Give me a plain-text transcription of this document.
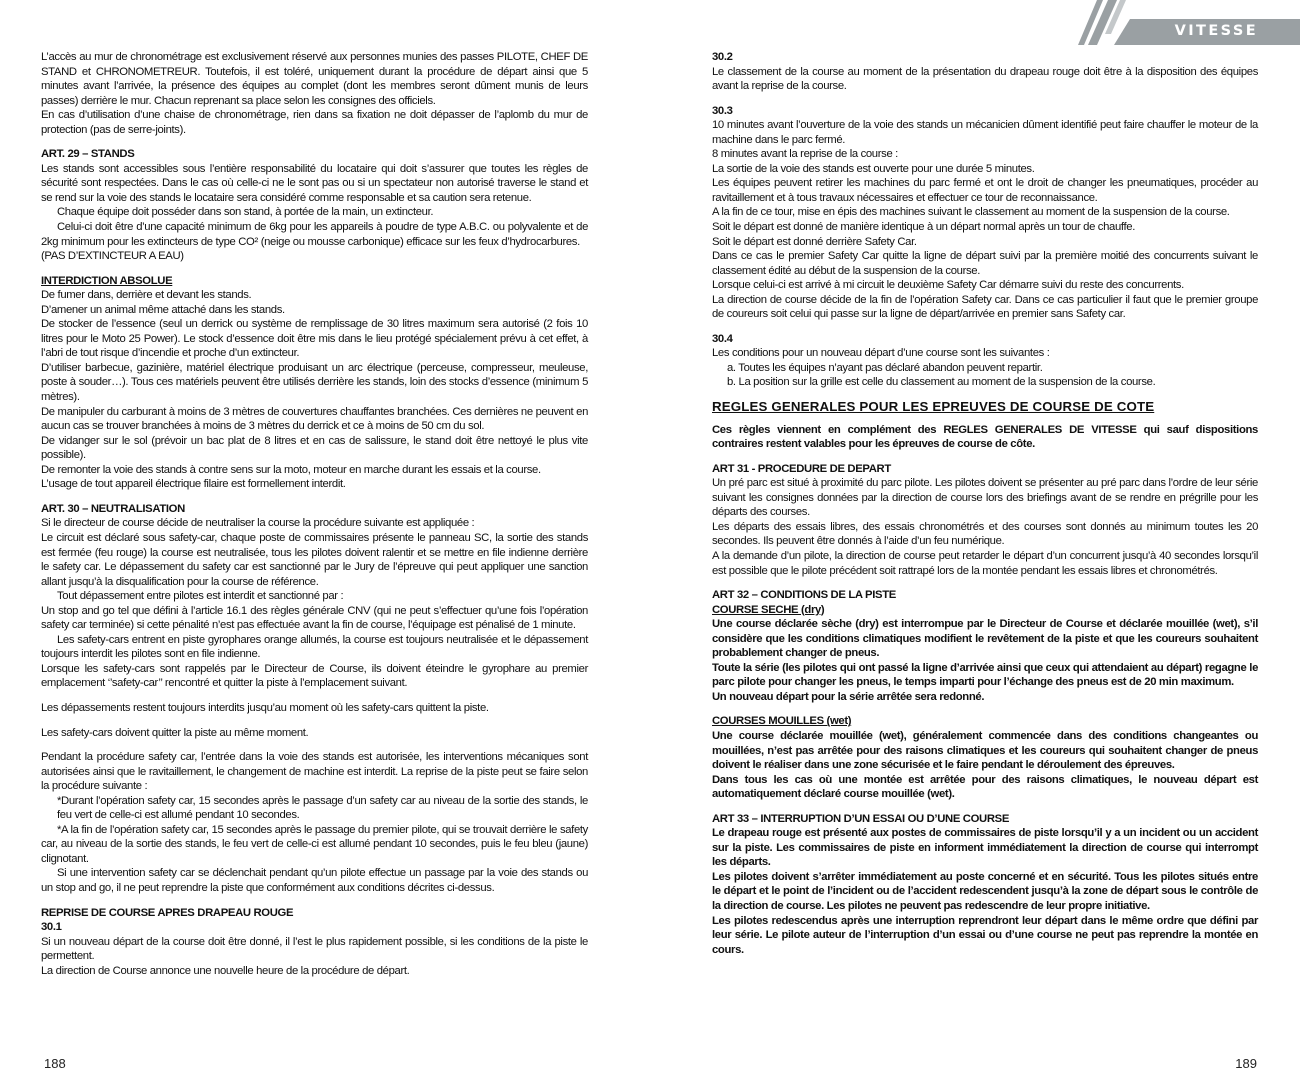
VITESSE

L’accès au mur de chronométrage est exclusivement réservé aux personnes munies des passes PILOTE, CHEF DE STAND et CHRONOMETREUR. Toutefois, il est toléré, uniquement durant la procédure de départ ainsi que 5 minutes avant l’arrivée, la présence des équipes au complet (dont les membres seront dûment munis de leurs passes) derrière le mur. Chacun reprenant sa place selon les consignes des officiels.

En cas d’utilisation d’une chaise de chronométrage, rien dans sa fixation ne doit dépasser de l’aplomb du mur de protection (pas de serre-joints).

ART. 29 – STANDS

Les stands sont accessibles sous l’entière responsabilité du locataire qui doit s’assurer que toutes les règles de sécurité sont respectées. Dans le cas où celle-ci ne le sont pas ou si un spectateur non autorisé traverse le stand et se rend sur la voie des stands le locataire sera considéré comme responsable et sa caution sera retenue.

Chaque équipe doit posséder dans son stand, à portée de la main, un extincteur.

Celui-ci doit être d’une capacité minimum de 6kg pour les appareils à poudre de type A.B.C. ou polyvalente et de 2kg minimum pour les extincteurs de type CO² (neige ou mousse carbonique) efficace sur les feux d’hydrocarbures.

(PAS D’EXTINCTEUR A EAU)

INTERDICTION ABSOLUE

De fumer dans, derrière et devant les stands.

D’amener un animal même attaché dans les stands.

De stocker de l’essence (seul un derrick ou système de remplissage de 30 litres maximum sera autorisé (2 fois 10 litres pour le Moto 25 Power). Le stock d’essence doit être mis dans le lieu protégé spécialement prévu à cet effet, à l’abri de tout risque d’incendie et proche d’un extincteur.

D’utiliser barbecue, gazinière, matériel électrique produisant un arc électrique (perceuse, compresseur, meuleuse, poste à souder…). Tous ces matériels peuvent être utilisés derrière les stands, loin des stocks d’essence (minimum 5 mètres).

De manipuler du carburant à moins de 3 mètres de couvertures chauffantes branchées. Ces dernières ne peuvent en aucun cas se trouver branchées à moins de 3 mètres du derrick et ce à moins de 50 cm du sol.

De vidanger sur le sol (prévoir un bac plat de 8 litres et en cas de salissure, le stand doit être nettoyé le plus vite possible).

De remonter la voie des stands à contre sens sur la moto, moteur en marche durant les essais et la course.

L’usage de tout appareil électrique filaire est formellement interdit.

ART. 30 – NEUTRALISATION

Si le directeur de course décide de neutraliser la course la procédure suivante est appliquée :

Le circuit est déclaré sous safety-car, chaque poste de commissaires présente le panneau SC, la sortie des stands est fermée (feu rouge) la course est neutralisée, tous les pilotes doivent ralentir et se mettre en file indienne derrière le safety car. Le dépassement du safety car est sanctionné par le Jury de l’épreuve qui peut appliquer une sanction allant jusqu’à la disqualification pour la course de référence.

Tout dépassement entre pilotes est interdit et sanctionné par :

Un stop and go tel que défini à l’article 16.1 des règles générale CNV (qui ne peut s’effectuer qu’une fois l’opération safety car terminée) si cette pénalité n’est pas effectuée avant la fin de course, l’équipage est pénalisé de 1 minute.

Les safety-cars entrent en piste gyrophares orange allumés, la course est toujours neutralisée et le dépassement toujours interdit les pilotes sont en file indienne.

Lorsque les safety-cars sont rappelés par le Directeur de Course, ils doivent éteindre le gyrophare au premier emplacement ‘’safety-car’’ rencontré et quitter la piste à l’emplacement suivant.

Les dépassements restent toujours interdits jusqu’au moment où les safety-cars quittent la piste.

Les safety-cars doivent quitter la piste au même moment.

Pendant la procédure safety car, l’entrée dans la voie des stands est autorisée, les interventions mécaniques sont autorisées ainsi que le ravitaillement, le changement de machine est interdit. La reprise de la piste peut se faire selon la procédure suivante :

*Durant l’opération safety car, 15 secondes après le passage d’un safety car au niveau de la sortie des stands, le feu vert de celle-ci est allumé pendant 10 secondes.

*A la fin de l’opération safety car, 15 secondes après le passage du premier pilote, qui se trouvait derrière le safety car, au niveau de la sortie des stands, le feu vert de celle-ci est allumé pendant 10 secondes, puis le feu bleu (jaune) clignotant.

Si une intervention safety car se déclenchait pendant qu’un pilote effectue un passage par la voie des stands ou un stop and go, il ne peut reprendre la piste que conformément aux conditions décrites ci-dessus.

REPRISE DE COURSE APRES DRAPEAU ROUGE

30.1

Si un nouveau départ de la course doit être donné, il l’est le plus rapidement possible, si les conditions de la piste le permettent.

La direction de Course annonce une nouvelle heure de la procédure de départ.

188

30.2

Le classement de la course au moment de la présentation du drapeau rouge doit être à la disposition des équipes avant la reprise de la course.

30.3

10 minutes avant l’ouverture de la voie des stands un mécanicien dûment identifié peut faire chauffer le moteur de la machine dans le parc fermé.

8 minutes avant la reprise de la course :

La sortie de la voie des stands est ouverte pour une durée 5 minutes.

Les équipes peuvent retirer les machines du parc fermé et ont le droit de changer les pneumatiques, procéder au ravitaillement et à tous travaux nécessaires et effectuer ce tour de reconnaissance.

A la fin de ce tour, mise en épis des machines suivant le classement au moment de la suspension de la course.

Soit le départ est donné de manière identique à un départ normal après un tour de chauffe.

Soit le départ est donné derrière Safety Car.

Dans ce cas le premier Safety Car quitte la ligne de départ suivi par la première moitié des concurrents suivant le classement édité au début de la suspension de la course.

Lorsque celui-ci est arrivé à mi circuit le deuxième Safety Car démarre suivi du reste des concurrents.

La direction de course décide de la fin de l’opération Safety car. Dans ce cas particulier il faut que le premier groupe de coureurs soit celui qui passe sur la ligne de départ/arrivée en premier sans Safety car.

30.4

Les conditions pour un nouveau départ d’une course sont les suivantes :

a. Toutes les équipes n’ayant pas déclaré abandon peuvent repartir.

b. La position sur la grille est celle du classement au moment de la suspension de la course.

REGLES GENERALES POUR LES EPREUVES DE COURSE DE COTE

Ces règles viennent en complément des REGLES GENERALES DE VITESSE qui sauf dispositions contraires restent valables pour les épreuves de course de côte.

ART 31 - PROCEDURE DE DEPART

Un pré parc est situé à proximité du parc pilote. Les pilotes doivent se présenter au pré parc dans l’ordre de leur série suivant les consignes données par la direction de course lors des briefings avant de se rendre en prégrille pour les départs des courses.

Les départs des essais libres, des essais chronométrés et des courses sont donnés au minimum toutes les 20 secondes. Ils peuvent être donnés à l’aide d’un feu numérique.

A la demande d’un pilote, la direction de course peut retarder le départ d’un concurrent jusqu’à 40 secondes lorsqu’il est possible que le pilote précédent soit rattrapé lors de la montée pendant les essais libres et chronométrés.

ART 32 – CONDITIONS DE LA PISTE

COURSE SECHE (dry)

Une course déclarée sèche (dry) est interrompue par le Directeur de Course et déclarée mouillée (wet), s’il considère que les conditions climatiques modifient le revêtement de la piste et que les coureurs souhaitent probablement changer de pneus.

Toute la série (les pilotes qui ont passé la ligne d’arrivée ainsi que ceux qui attendaient au départ) regagne le parc pilote pour changer les pneus, le temps imparti pour l’échange des pneus est de 20 min maximum.

Un nouveau départ pour la série arrêtée sera redonné.

COURSES MOUILLES (wet)

Une course déclarée mouillée (wet), généralement commencée dans des conditions changeantes ou mouillées, n’est pas arrêtée pour des raisons climatiques et les coureurs qui souhaitent changer de pneus doivent le réaliser dans une zone sécurisée et le faire pendant le déroulement des épreuves.

Dans tous les cas où une montée est arrêtée pour des raisons climatiques, le nouveau départ est automatiquement déclaré course mouillée (wet).

ART 33 – INTERRUPTION D’UN ESSAI OU D’UNE COURSE

Le drapeau rouge est présenté aux postes de commissaires de piste lorsqu’il y a un incident ou un accident sur la piste. Les commissaires de piste en informent immédiatement la direction de course qui interrompt les départs.

Les pilotes doivent s’arrêter immédiatement au poste concerné et en sécurité. Tous les pilotes situés entre le départ et le point de l’incident ou de l’accident redescendent jusqu’à la zone de départ sous le contrôle de la direction de course. Les pilotes ne peuvent pas redescendre de leur propre initiative.

Les pilotes redescendus après une interruption reprendront leur départ dans le même ordre que défini par leur série. Le pilote auteur de l’interruption d’un essai ou d’une course ne peut pas reprendre la montée en cours.

189
